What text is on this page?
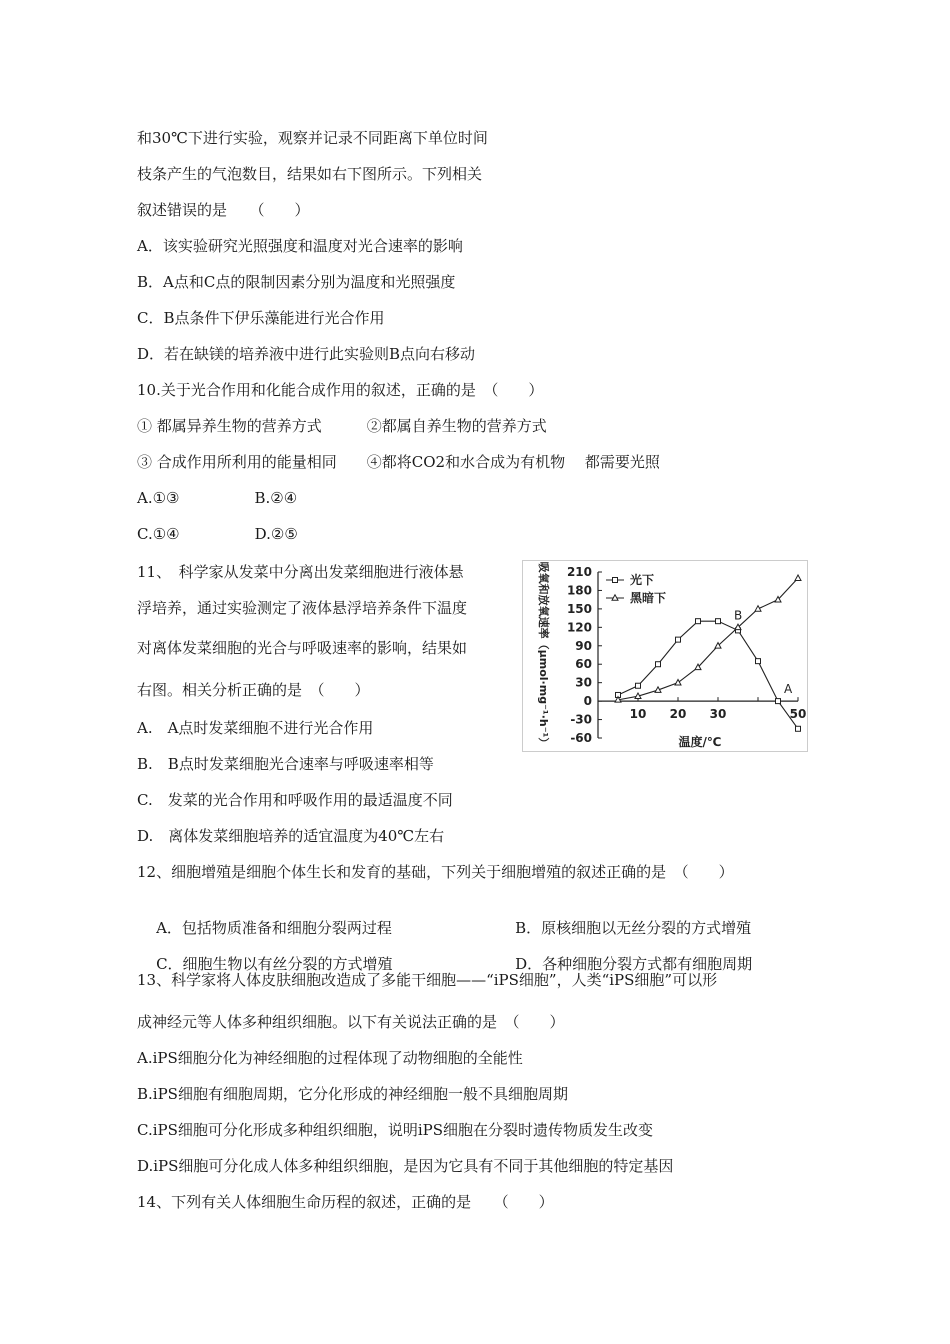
和30℃下进行实验，观察并记录不同距离下单位时间
枝条产生的气泡数目，结果如右下图所示。下列相关
叙述错误的是　　（　　）
A．该实验研究光照强度和温度对光合速率的影响
B．A点和C点的限制因素分别为温度和光照强度
C．B点条件下伊乐藻能进行光合作用
D．若在缺镁的培养液中进行此实验则B点向右移动
10.关于光合作用和化能合成作用的叙述，正确的是　（　　）
① 都属异养生物的营养方式　　　②都属自养生物的营养方式
③ 合成作用所利用的能量相同　　④都将CO2和水合成为有机物　 都需要光照
A.①③　　　　　B.②④
C.①④　　　　　D.②⑤
11、　科学家从发菜中分离出发菜细胞进行液体悬
浮培养，通过实验测定了液体悬浮培养条件下温度
对离体发菜细胞的光合与呼吸速率的影响，结果如
右图。相关分析正确的是　（　　）
A.　A点时发菜细胞不进行光合作用
B.　B点时发菜细胞光合速率与呼吸速率相等
C.　发菜的光合作用和呼吸作用的最适温度不同
D.　离体发菜细胞培养的适宜温度为40℃左右
12、细胞增殖是细胞个体生长和发育的基础，下列关于细胞增殖的叙述正确的是　（　　）

A．包括物质准备和细胞分裂两过程
	B．原核细胞以无丝分裂的方式增殖

C．细胞生物以有丝分裂的方式增殖
	D．各种细胞分裂方式都有细胞周期

13、科学家将人体皮肤细胞改造成了多能干细胞——“iPS细胞”，人类“iPS细胞”可以形
成神经元等人体多种组织细胞。以下有关说法正确的是　（　　）
A.iPS细胞分化为神经细胞的过程体现了动物细胞的全能性
B.iPS细胞有细胞周期，它分化形成的神经细胞一般不具细胞周期
C.iPS细胞可分化形成多种组织细胞，说明iPS细胞在分裂时遗传物质发生改变
D.iPS细胞可分化成人体多种组织细胞，是因为它具有不同于其他细胞的特定基因
14、下列有关人体细胞生命历程的叙述，正确的是　　（　　）
210
180
150
120
90
60
30
0
-30
-60
10 20 30	50
温度/℃
吸氧和放氧速率（μmol·mg⁻¹·h⁻¹）	光下
黑暗下
A
B
